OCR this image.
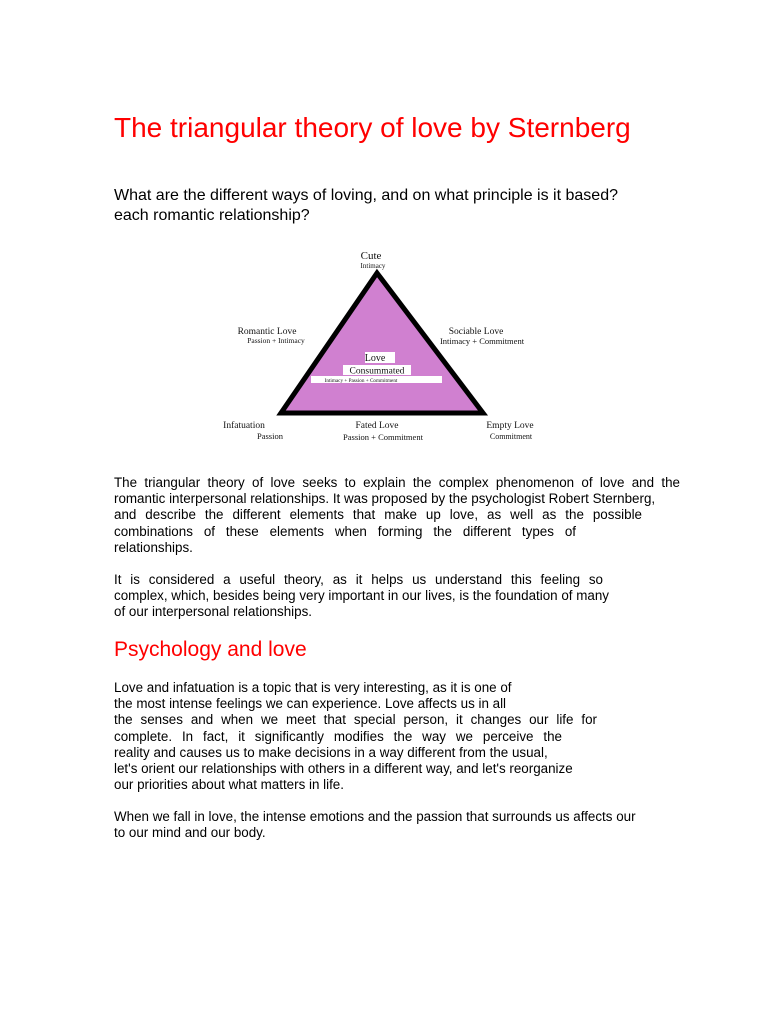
The triangular theory of love by Sternberg

What are the different ways of loving, and on what principle is it based?
each romantic relationship?

Cute
Intimacy
Romantic Love
Passion + Intimacy
Sociable Love
Intimacy + Commitment
Love
Consummated
Intimacy + Passion + Commitment
Infatuation
Passion
Fated Love
Passion + Commitment
Empty Love
Commitment

The triangular theory of love seeks to explain the complex phenomenon of love and the
romantic interpersonal relationships. It was proposed by the psychologist Robert Sternberg,
and describe the different elements that make up love, as well as the possible
combinations of these elements when forming the different types of
relationships.

It is considered a useful theory, as it helps us understand this feeling so
complex, which, besides being very important in our lives, is the foundation of many
of our interpersonal relationships.

Psychology and love

Love and infatuation is a topic that is very interesting, as it is one of
the most intense feelings we can experience. Love affects us in all
the senses and when we meet that special person, it changes our life for
complete. In fact, it significantly modifies the way we perceive the
reality and causes us to make decisions in a way different from the usual,
let's orient our relationships with others in a different way, and let's reorganize
our priorities about what matters in life.

When we fall in love, the intense emotions and the passion that surrounds us affects our
to our mind and our body.
